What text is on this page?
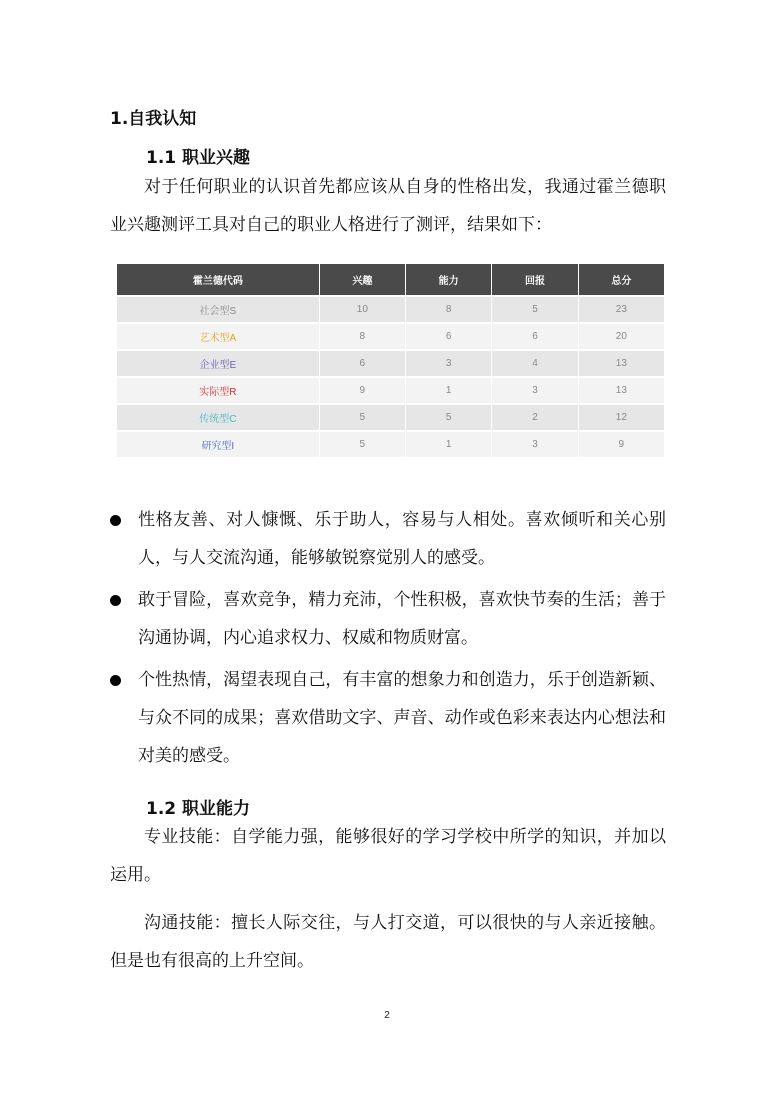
1.自我认知
1.1 职业兴趣

对于任何职业的认识首先都应该从自身的性格出发，我通过霍兰德职业兴趣测评工具对自己的职业人格进行了测评，结果如下：

霍兰德代码	兴趣	能力	回报	总分
社会型S	10	8	5	23
艺术型A	8	6	6	20
企业型E	6	3	4	13
实际型R	9	1	3	13
传统型C	5	5	2	12
研究型I	5	1	3	9
性格友善、对人慷慨、乐于助人，容易与人相处。喜欢倾听和关心别人，与人交流沟通，能够敏锐察觉别人的感受。
敢于冒险，喜欢竞争，精力充沛，个性积极，喜欢快节奏的生活；善于沟通协调，内心追求权力、权威和物质财富。
个性热情，渴望表现自己，有丰富的想象力和创造力，乐于创造新颖、与众不同的成果；喜欢借助文字、声音、动作或色彩来表达内心想法和对美的感受。
1.2 职业能力

专业技能：自学能力强，能够很好的学习学校中所学的知识，并加以运用。

沟通技能：擅长人际交往，与人打交道，可以很快的与人亲近接触。但是也有很高的上升空间。

2
